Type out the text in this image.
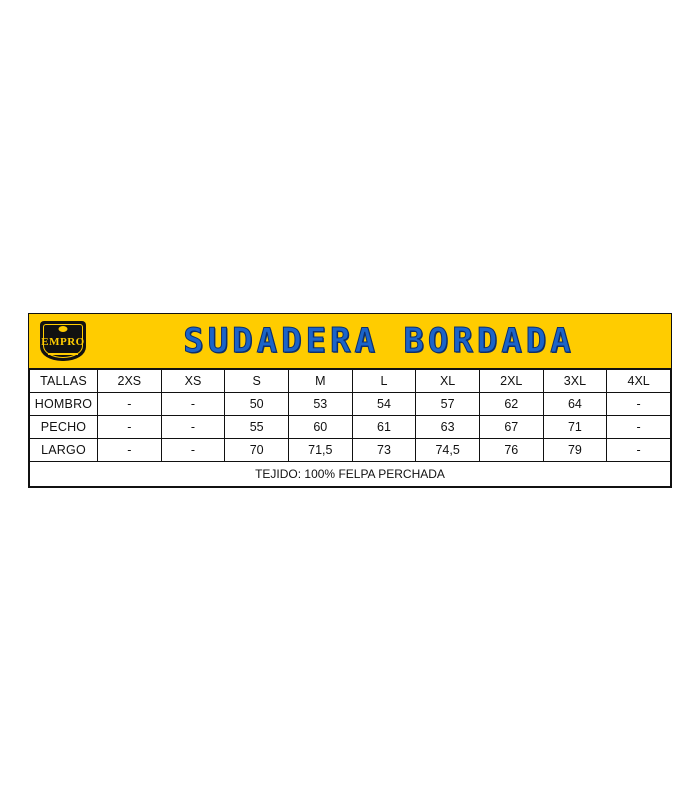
EMPRO	SUDADERA BORDADA
TALLAS	2XS	XS	S	M	L	XL	2XL	3XL	4XL
HOMBRO	-	-	50	53	54	57	62	64	-
PECHO	-	-	55	60	61	63	67	71	-
LARGO	-	-	70	71,5	73	74,5	76	79	-
TEJIDO: 100% FELPA PERCHADA									
